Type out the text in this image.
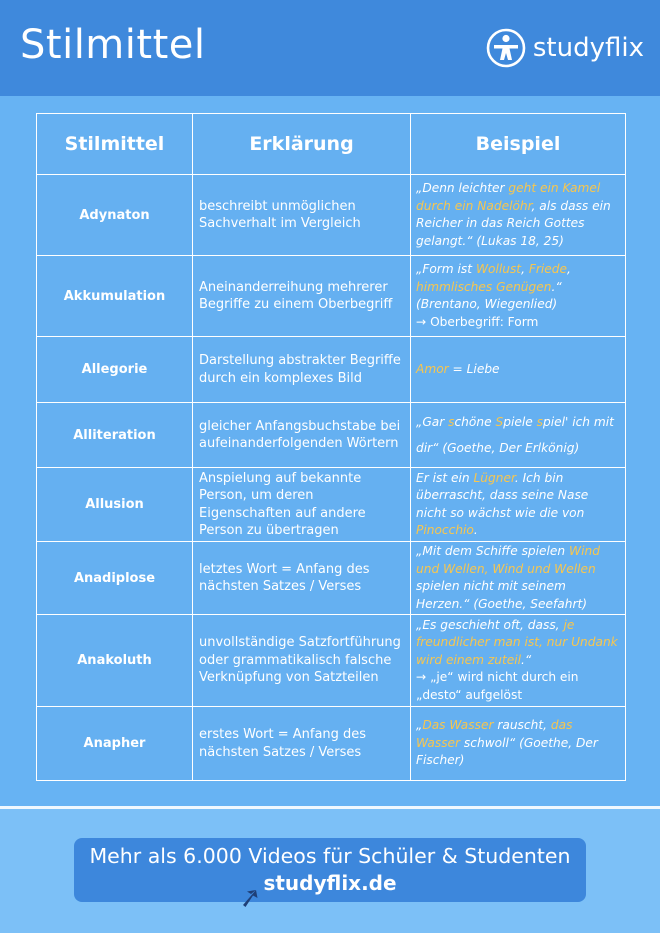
Stilmittel	studyflix
Stilmittel	Erklärung	Beispiel
Adynaton	beschreibt unmöglichen Sachverhalt im Vergleich	„Denn leichter geht ein Kamel durch ein Nadelöhr, als dass ein Reicher in das Reich Gottes gelangt.“ (Lukas 18, 25)
Akkumulation	Aneinanderreihung mehrerer Begriffe zu einem Oberbegriff	„Form ist Wollust, Friede, himmlisches Genügen.“ (Brentano, Wiegenlied)
→ Oberbegriff: Form
Allegorie	Darstellung abstrakter Begriffe durch ein komplexes Bild	Amor = Liebe
Alliteration	gleicher Anfangsbuchstabe bei aufeinanderfolgenden Wörtern	„Gar schöne Spiele spiel' ich mit dir“ (Goethe, Der Erlkönig)
Allusion	Anspielung auf bekannte Person, um deren Eigenschaften auf andere Person zu übertragen	Er ist ein Lügner. Ich bin überrascht, dass seine Nase nicht so wächst wie die von Pinocchio.
Anadiplose	letztes Wort = Anfang des nächsten Satzes / Verses	„Mit dem Schiffe spielen Wind und Wellen, Wind und Wellen spielen nicht mit seinem Herzen.“ (Goethe, Seefahrt)
Anakoluth	unvollständige Satzfortführung oder grammatikalisch falsche Verknüpfung von Satzteilen	„Es geschieht oft, dass, je freundlicher man ist, nur Undank wird einem zuteil.“
→ „je“ wird nicht durch ein „desto“ aufgelöst
Anapher	erstes Wort = Anfang des nächsten Satzes / Verses	„Das Wasser rauscht, das Wasser schwoll“ (Goethe, Der Fischer)
Mehr als 6.000 Videos für Schüler & Studenten
studyflix.de
